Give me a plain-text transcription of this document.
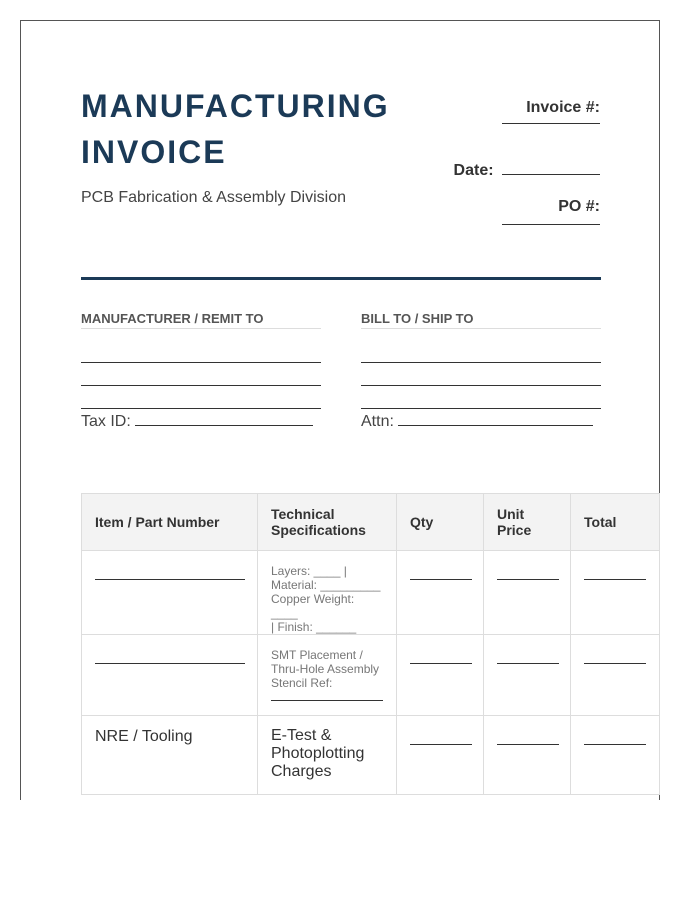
MANUFACTURING
INVOICE
PCB Fabrication & Assembly Division
Invoice #:
Date:
PO #:
MANUFACTURER / REMIT TO
Tax ID:
BILL TO / SHIP TO
Attn:
Item / Part Number	Technical Specifications	Qty	Unit Price	Total

	Layers: ____ |
Material: _________
Copper Weight: ____
| Finish: ______			

	SMT Placement /
Thru-Hole Assembly
Stencil Ref:			

NRE / Tooling	E-Test &
Photoplotting
Charges			
